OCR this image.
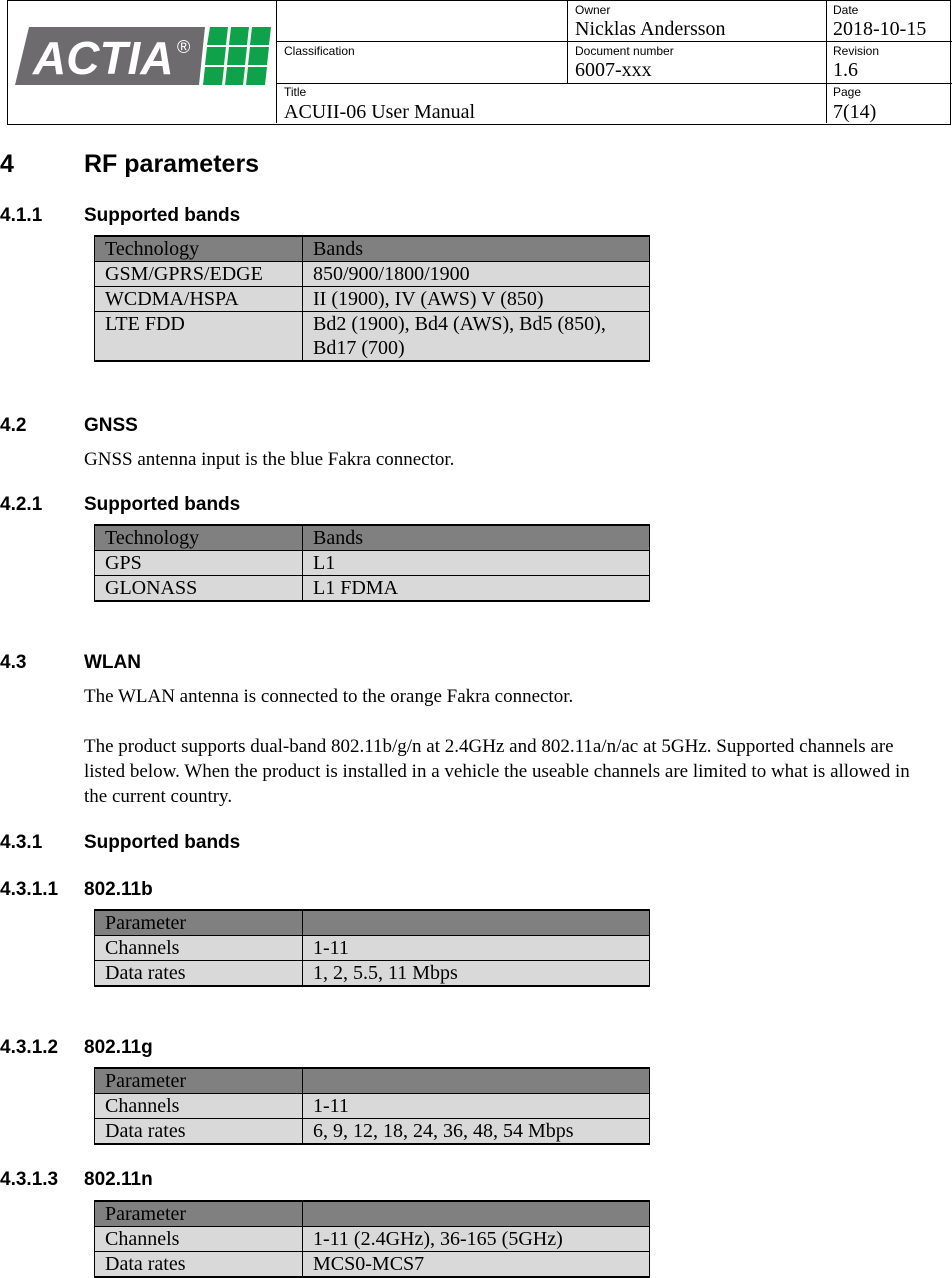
ACTIA ®
Owner
Nicklas Andersson
Date
2018-10-15
Classification	Document number
6007-xxx
Revision
1.6
Title
ACUII-06 User Manual
Page
7(14)
4	RF parameters
4.1.1 Supported bands
Technology	Bands
GSM/GPRS/EDGE	850/900/1800/1900
WCDMA/HSPA	II (1900), IV (AWS) V (850)
LTE FDD	Bd2 (1900), Bd4 (AWS), Bd5 (850), Bd17 (700)
4.2	GNSS
GNSS antenna input is the blue Fakra connector.
4.2.1 Supported bands
Technology	Bands
GPS	L1
GLONASS	L1 FDMA
4.3	WLAN
The WLAN antenna is connected to the orange Fakra connector.
The product supports dual-band 802.11b/g/n at 2.4GHz and 802.11a/n/ac at 5GHz. Supported channels are listed below. When the product is installed in a vehicle the useable channels are limited to what is allowed in the current country.
4.3.1 Supported bands
4.3.1.1 802.11b
Parameter	
Channels	1-11
Data rates	1, 2, 5.5, 11 Mbps
4.3.1.2 802.11g
Parameter	
Channels	1-11
Data rates	6, 9, 12, 18, 24, 36, 48, 54 Mbps
4.3.1.3 802.11n
Parameter	
Channels	1-11 (2.4GHz), 36-165 (5GHz)
Data rates	MCS0-MCS7
